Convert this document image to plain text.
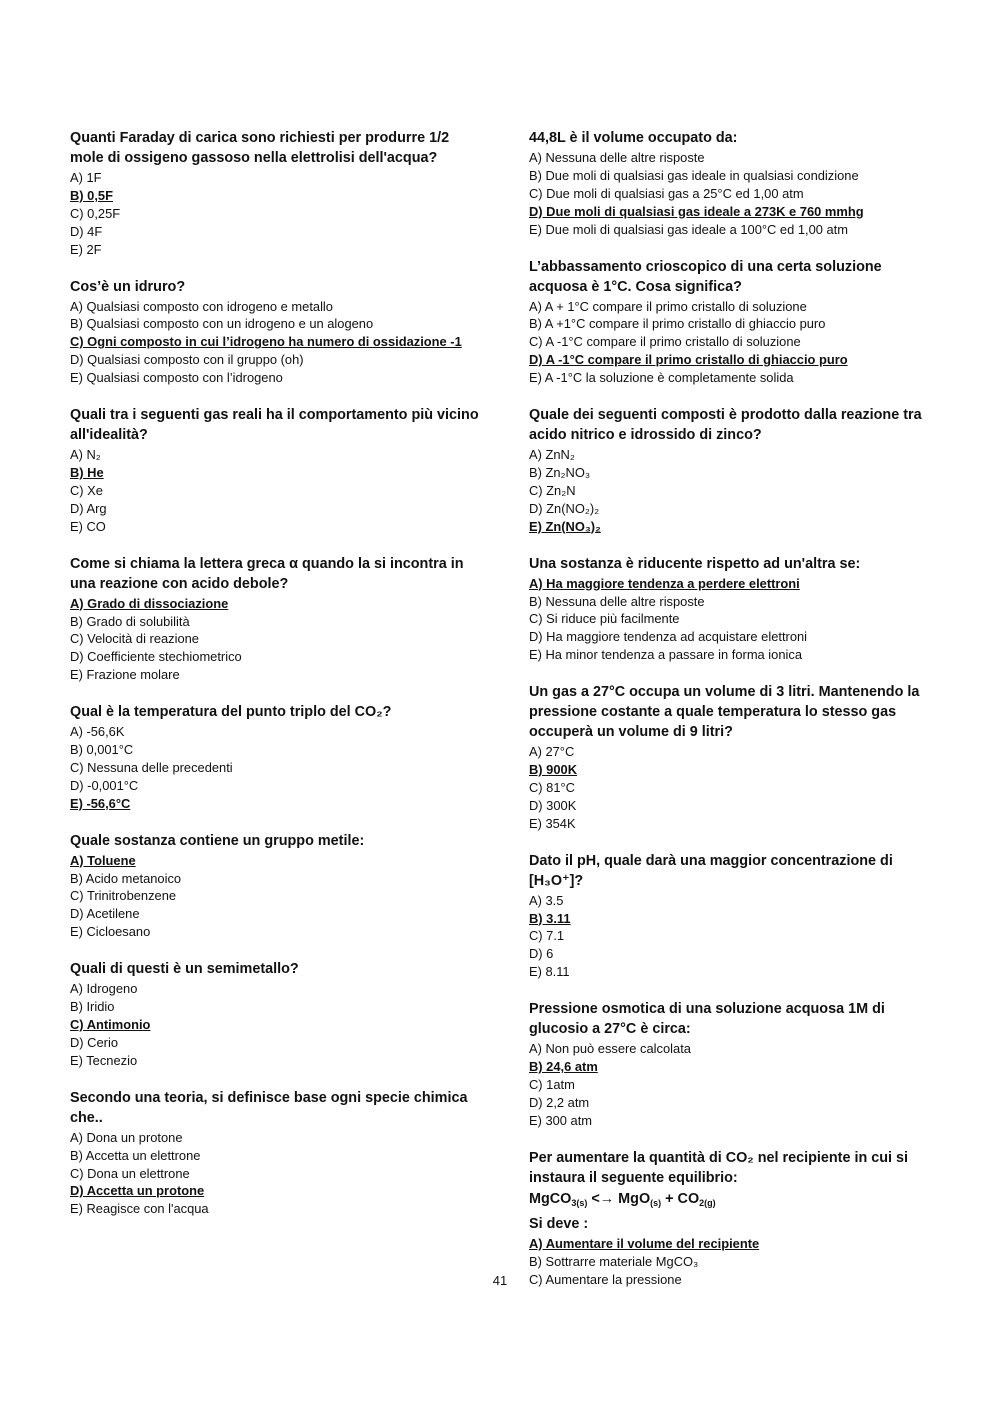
Quanti Faraday di carica sono richiesti per produrre 1/2 mole di ossigeno gassoso nella elettrolisi dell'acqua?
A) 1F
B) 0,5F
C) 0,25F
D) 4F
E) 2F
Cos’è un idruro?
A) Qualsiasi composto con idrogeno e metallo
B) Qualsiasi composto con un idrogeno e un alogeno
C) Ogni composto in cui l’idrogeno ha numero di ossidazione -1
D) Qualsiasi composto con il gruppo (oh)
E) Qualsiasi composto con l’idrogeno
Quali tra i seguenti gas reali ha il comportamento più vicino all'idealità?
A) N₂
B) He
C) Xe
D) Arg
E) CO
Come si chiama la lettera greca α quando la si incontra in una reazione con acido debole?
A) Grado di dissociazione
B) Grado di solubilità
C) Velocità di reazione
D) Coefficiente stechiometrico
E) Frazione molare
Qual è la temperatura del punto triplo del CO₂?
A) -56,6K
B) 0,001°C
C) Nessuna delle precedenti
D) -0,001°C
E) -56,6°C
Quale sostanza contiene un gruppo metile:
A) Toluene
B) Acido metanoico
C) Trinitrobenzene
D) Acetilene
E) Cicloesano
Quali di questi è un semimetallo?
A) Idrogeno
B) Iridio
C) Antimonio
D) Cerio
E) Tecnezio
Secondo una teoria, si definisce base ogni specie chimica che..
A) Dona un protone
B) Accetta un elettrone
C) Dona un elettrone
D) Accetta un protone
E) Reagisce con l'acqua
44,8L è il volume occupato da:
A) Nessuna delle altre risposte
B) Due moli di qualsiasi gas ideale in qualsiasi condizione
C) Due moli di qualsiasi gas a 25°C ed 1,00 atm
D) Due moli di qualsiasi gas ideale a 273K e 760 mmhg
E) Due moli di qualsiasi gas ideale a 100°C ed 1,00 atm
L’abbassamento crioscopico di una certa soluzione acquosa è 1°C. Cosa significa?
A) A + 1°C compare il primo cristallo di soluzione
B) A +1°C compare il primo cristallo di ghiaccio puro
C) A -1°C compare il primo cristallo di soluzione
D) A -1°C compare il primo cristallo di ghiaccio puro
E) A -1°C la soluzione è completamente solida
Quale dei seguenti composti è prodotto dalla reazione tra acido nitrico e idrossido di zinco?
A) ZnN₂
B) Zn₂NO₃
C) Zn₂N
D) Zn(NO₂)₂
E) Zn(NO₃)₂
Una sostanza è riducente rispetto ad un'altra se:
A) Ha maggiore tendenza a perdere elettroni
B) Nessuna delle altre risposte
C) Si riduce più facilmente
D) Ha maggiore tendenza ad acquistare elettroni
E) Ha minor tendenza a passare in forma ionica
Un gas a 27°C occupa un volume di 3 litri. Mantenendo la pressione costante a quale temperatura lo stesso gas occuperà un volume di 9 litri?
A) 27°C
B) 900K
C) 81°C
D) 300K
E) 354K
Dato il pH, quale darà una maggior concentrazione di [H₃O⁺]?
A) 3.5
B) 3.11
C) 7.1
D) 6
E) 8.11
Pressione osmotica di una soluzione acquosa 1M di glucosio a 27°C è circa:
A) Non può essere calcolata
B) 24,6 atm
C) 1atm
D) 2,2 atm
E) 300 atm
Per aumentare la quantità di CO₂ nel recipiente in cui si instaura il seguente equilibrio:
MgCO$_{3(s)}$ <→ $MgO_{(s)} + CO_{2(g)}$
Si deve :
A) Aumentare il volume del recipiente
B) Sottrarre materiale MgCO₃
C) Aumentare la pressione
41
